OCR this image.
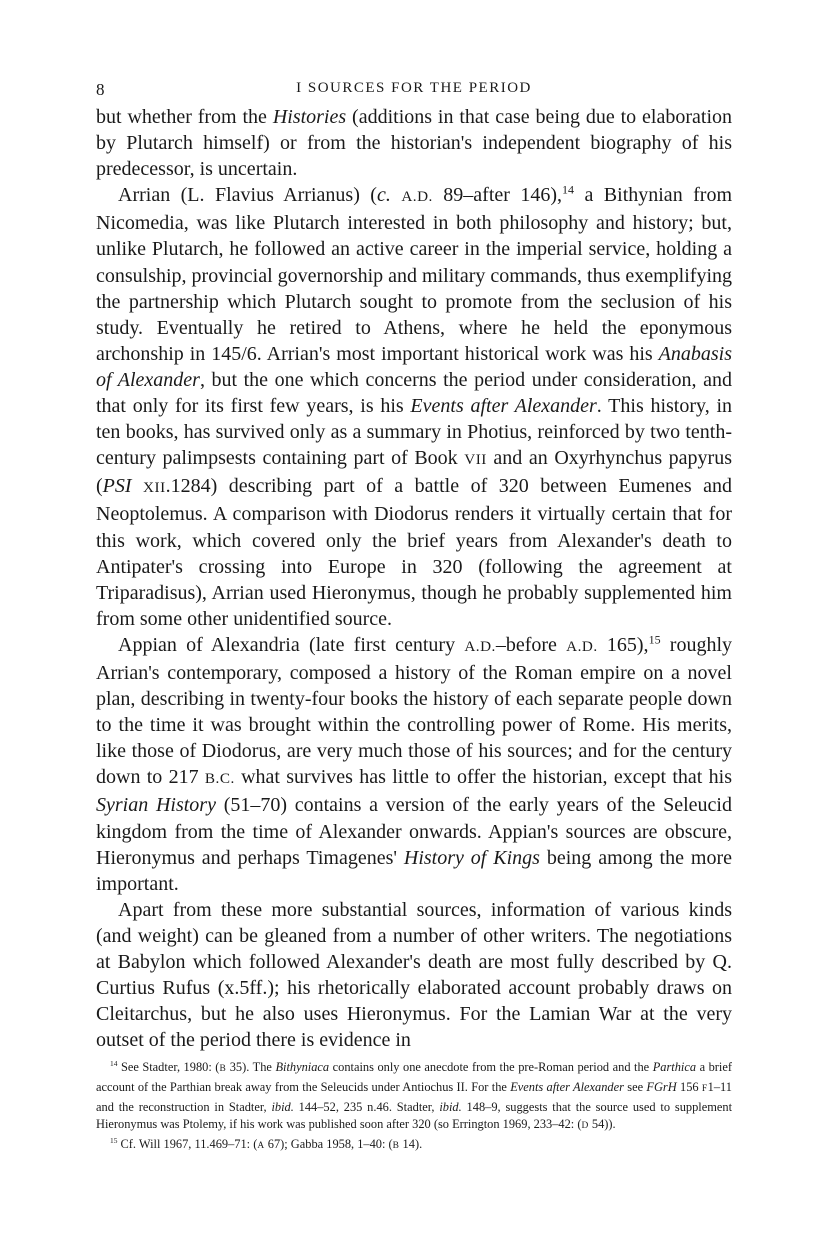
8	I SOURCES FOR THE PERIOD

but whether from the Histories (additions in that case being due to elaboration by Plutarch himself) or from the historian's independent biography of his predecessor, is uncertain.

Arrian (L. Flavius Arrianus) (c. A.D. 89–after 146),$^{14}$ a Bithynian from Nicomedia, was like Plutarch interested in both philosophy and history; but, unlike Plutarch, he followed an active career in the imperial service, holding a consulship, provincial governorship and military commands, thus exemplifying the partnership which Plutarch sought to promote from the seclusion of his study. Eventually he retired to Athens, where he held the eponymous archonship in 145/6. Arrian's most important historical work was his Anabasis of Alexander, but the one which concerns the period under consideration, and that only for its first few years, is his Events after Alexander. This history, in ten books, has survived only as a summary in Photius, reinforced by two tenth-century palimpsests containing part of Book VII and an Oxyrhynchus papyrus (PSI XII.1284) describing part of a battle of 320 between Eumenes and Neoptolemus. A comparison with Diodorus renders it virtually certain that for this work, which covered only the brief years from Alexander's death to Antipater's crossing into Europe in 320 (following the agreement at Triparadisus), Arrian used Hieronymus, though he probably supplemented him from some other unidentified source.

Appian of Alexandria (late first century A.D.–before A.D. 165),$^{15}$ roughly Arrian's contemporary, composed a history of the Roman empire on a novel plan, describing in twenty-four books the history of each separate people down to the time it was brought within the controlling power of Rome. His merits, like those of Diodorus, are very much those of his sources; and for the century down to 217 B.C. what survives has little to offer the historian, except that his Syrian History (51–70) contains a version of the early years of the Seleucid kingdom from the time of Alexander onwards. Appian's sources are obscure, Hieronymus and perhaps Timagenes' History of Kings being among the more important.

Apart from these more substantial sources, information of various kinds (and weight) can be gleaned from a number of other writers. The negotiations at Babylon which followed Alexander's death are most fully described by Q. Curtius Rufus (x.5ff.); his rhetorically elaborated account probably draws on Cleitarchus, but he also uses Hieronymus. For the Lamian War at the very outset of the period there is evidence in

$^{14}$ See Stadter, 1980: (B 35). The Bithyniaca contains only one anecdote from the pre-Roman period and the Parthica a brief account of the Parthian break away from the Seleucids under Antiochus II. For the Events after Alexander see FGrH 156 F1–11 and the reconstruction in Stadter, ibid. 144–52, 235 n.46. Stadter, ibid. 148–9, suggests that the source used to supplement Hieronymus was Ptolemy, if his work was published soon after 320 (so Errington 1969, 233–42: (D 54)).

$^{15}$ Cf. Will 1967, 11.469–71: (A 67); Gabba 1958, 1–40: (B 14).
